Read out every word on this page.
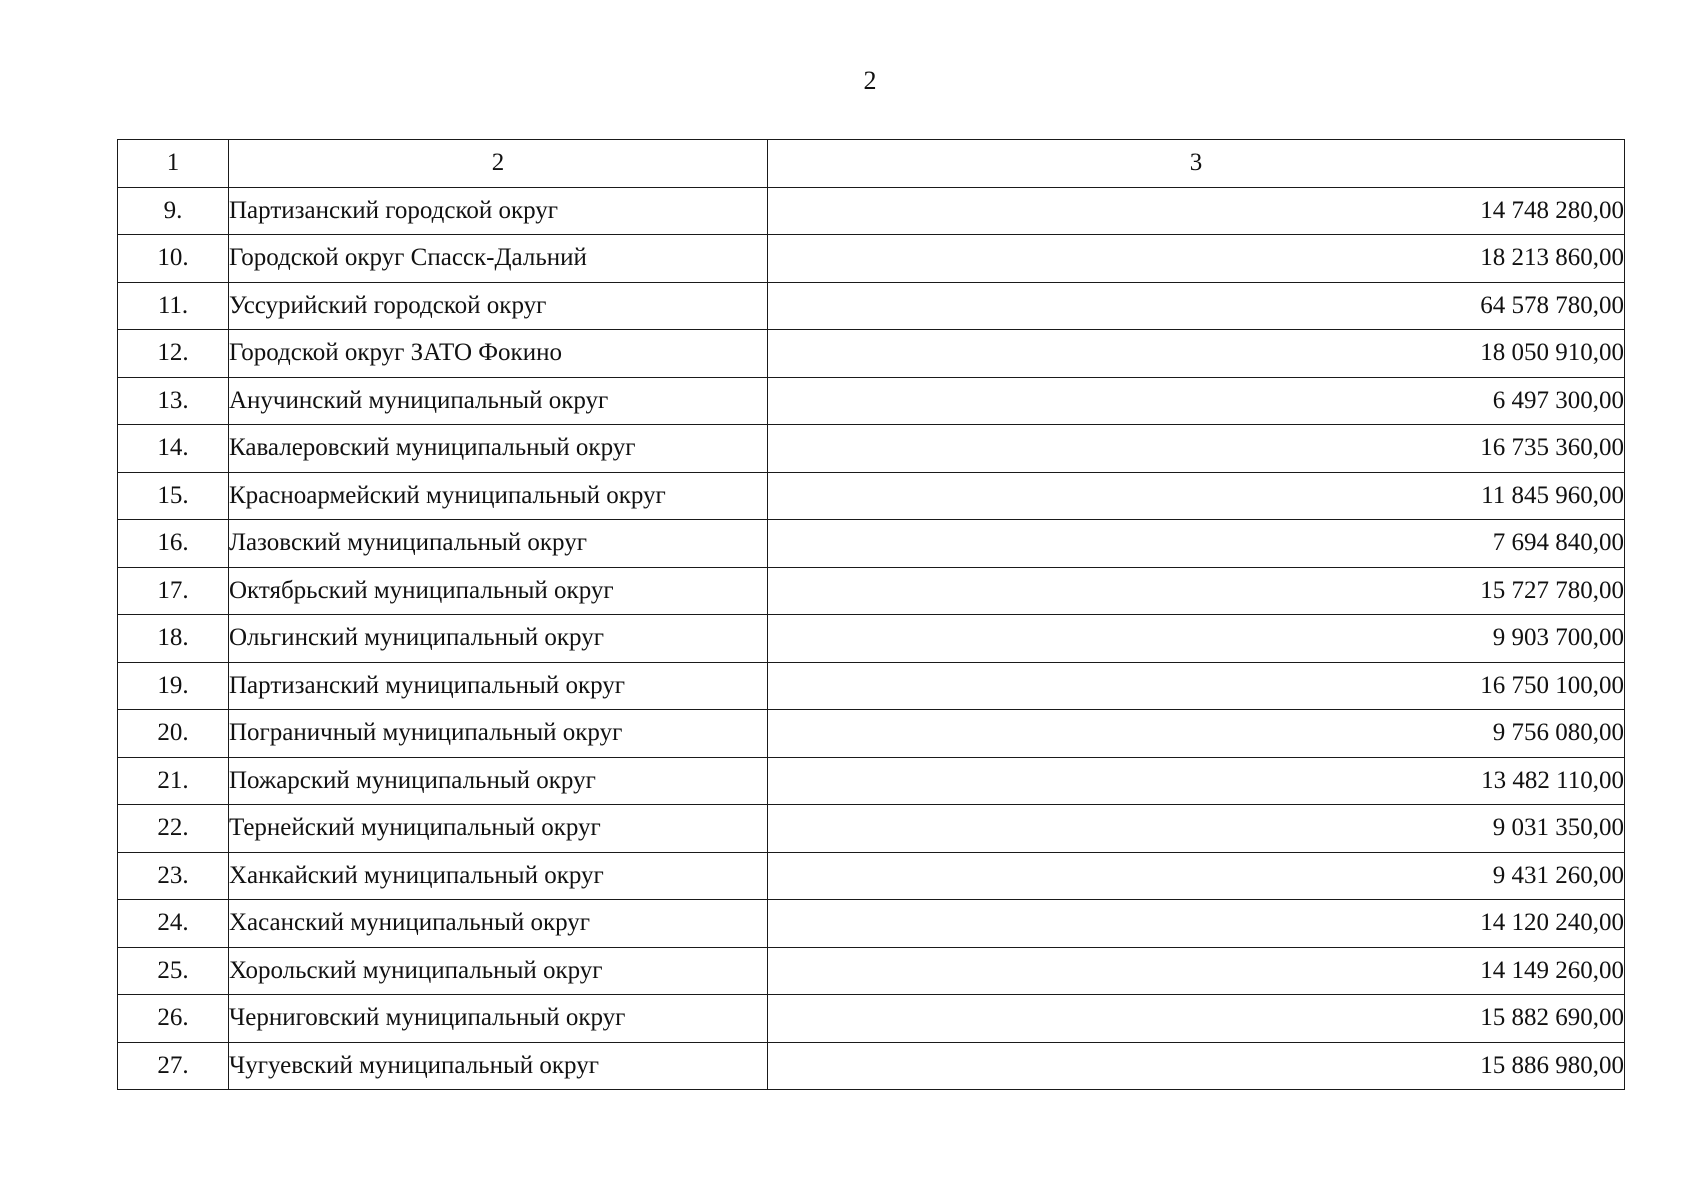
2
1	2	3
9.	Партизанский городской округ	14 748 280,00
10.	Городской округ Спасск-Дальний	18 213 860,00
11.	Уссурийский городской округ	64 578 780,00
12.	Городской округ ЗАТО Фокино	18 050 910,00
13.	Анучинский муниципальный округ	6 497 300,00
14.	Кавалеровский муниципальный округ	16 735 360,00
15.	Красноармейский муниципальный округ	11 845 960,00
16.	Лазовский муниципальный округ	7 694 840,00
17.	Октябрьский муниципальный округ	15 727 780,00
18.	Ольгинский муниципальный округ	9 903 700,00
19.	Партизанский муниципальный округ	16 750 100,00
20.	Пограничный муниципальный округ	9 756 080,00
21.	Пожарский муниципальный округ	13 482 110,00
22.	Тернейский муниципальный округ	9 031 350,00
23.	Ханкайский муниципальный округ	9 431 260,00
24.	Хасанский муниципальный округ	14 120 240,00
25.	Хорольский муниципальный округ	14 149 260,00
26.	Черниговский муниципальный округ	15 882 690,00
27.	Чугуевский муниципальный округ	15 886 980,00
